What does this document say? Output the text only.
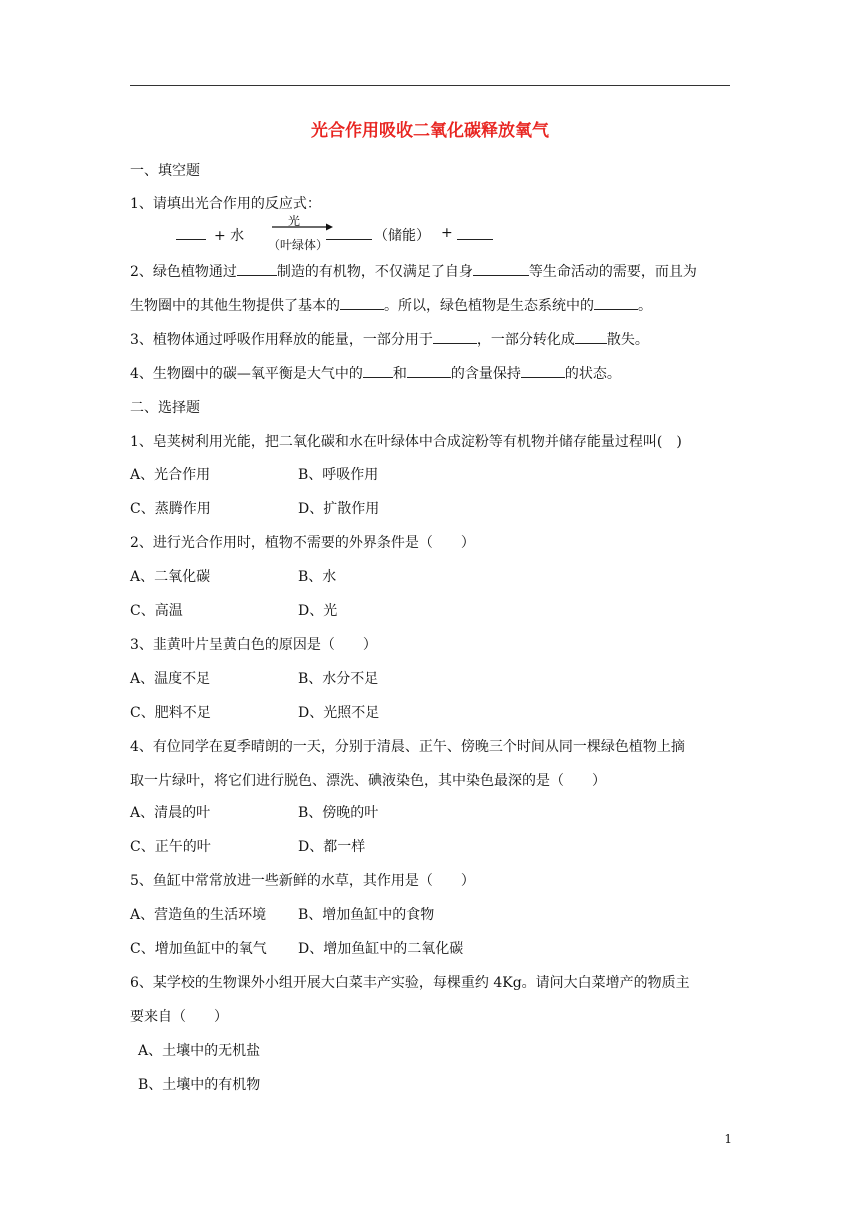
光合作用吸收二氧化碳释放氧气
一、填空题
1、请填出光合作用的反应式：
+ 水
光
（叶绿体）
（储能） +
2、绿色植物通过	制造的有机物，不仅满足了自身	等生命活动的需要，而且为
生物圈中的其他生物提供了基本的	。所以，绿色植物是生态系统中的	。
3、植物体通过呼吸作用释放的能量，一部分用于	，一部分转化成 散失。
4、生物圈中的碳—氧平衡是大气中的 和	的含量保持	的状态。
二、选择题
1、皂荚树利用光能，把二氧化碳和水在叶绿体中合成淀粉等有机物并储存能量过程叫(　)
A、光合作用	B、呼吸作用
C、蒸腾作用	D、扩散作用
2、进行光合作用时，植物不需要的外界条件是（　　）
A、二氧化碳	B、水
C、高温	D、光
3、韭黄叶片呈黄白色的原因是（　　）
A、温度不足	B、水分不足
C、肥料不足	D、光照不足
4、有位同学在夏季晴朗的一天，分别于清晨、正午、傍晚三个时间从同一棵绿色植物上摘
取一片绿叶，将它们进行脱色、漂洗、碘液染色，其中染色最深的是（　　）
A、清晨的叶	B、傍晚的叶
C、正午的叶	D、都一样
5、鱼缸中常常放进一些新鲜的水草，其作用是（　　）
A、营造鱼的生活环境 B、增加鱼缸中的食物
C、增加鱼缸中的氧气 D、增加鱼缸中的二氧化碳
6、某学校的生物课外小组开展大白菜丰产实验，每棵重约 4Kg。请问大白菜增产的物质主
要来自（　　）
A、土壤中的无机盐
B、土壤中的有机物
1
